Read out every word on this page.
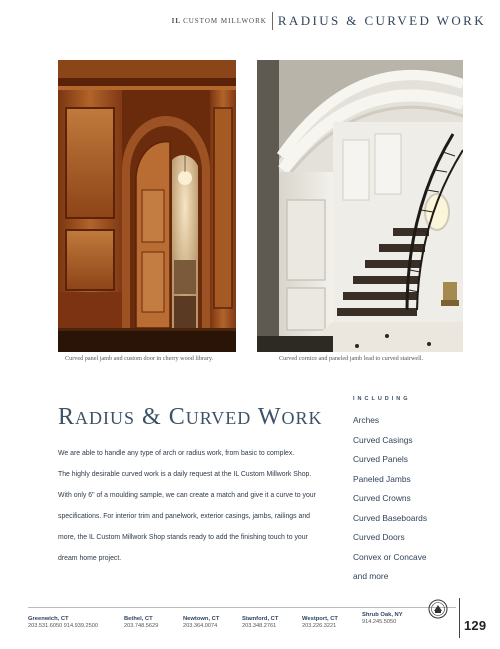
IL CUSTOM MILLWORK RADIUS & CURVED WORK
Curved panel jamb and custom door in cherry wood library.	Curved cornice and paneled jamb lead to curved stairwell.
RADIUS & CURVED WORK

We are able to handle any type of arch or radius work, from basic to complex.

The highly desirable curved work is a daily request at the IL Custom Millwork Shop.

With only 6" of a moulding sample, we can create a match and give it a curve to your

specifications. For interior trim and panelwork, exterior casings, jambs, railings and

more, the IL Custom Millwork Shop stands ready to add the finishing touch to your

dream home project.

INCLUDING
Arches
Curved Casings
Curved Panels
Paneled Jambs
Curved Crowns
Curved Baseboards
Curved Doors
Convex or Concave
and more
Greenwich, CT
203.531.6050 914.939.2500
Bethel, CT
203.748.5629
Newtown, CT
203.364.0074
Stamford, CT
203.348.2761
Westport, CT
203.226.3221
Shrub Oak, NY
914.245.5050	129
